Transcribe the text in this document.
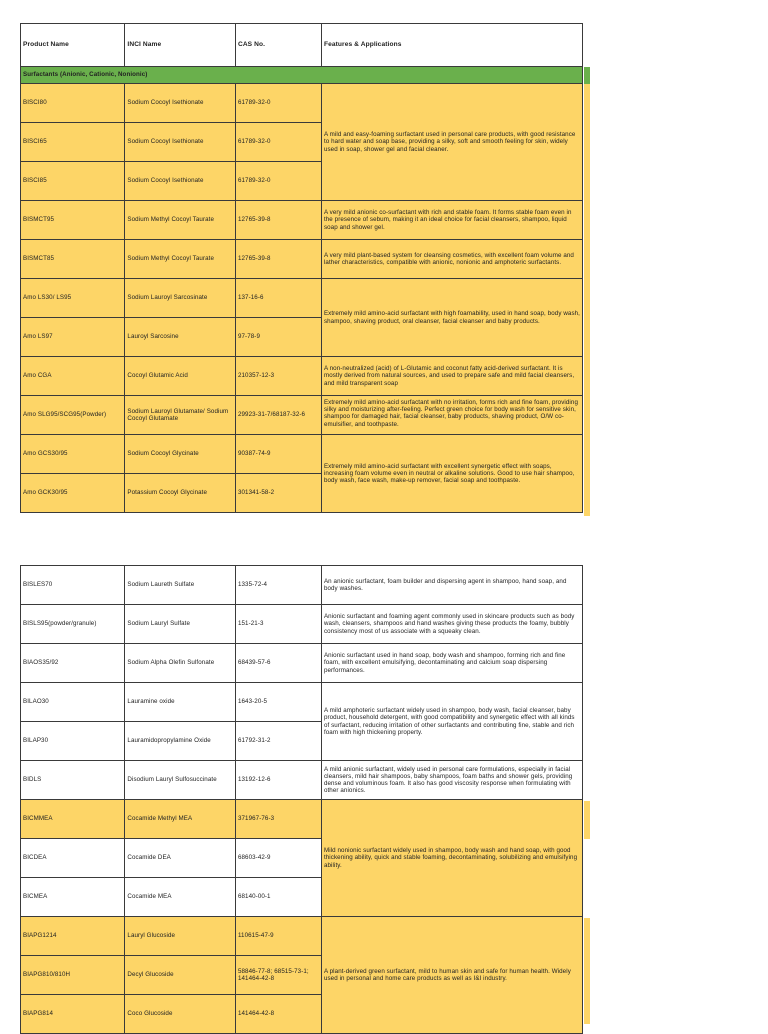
Product Name	INCI Name	CAS No.	Features & Applications
Surfactants (Anionic, Cationic, Nonionic)			
BISCI80	Sodium Cocoyl Isethionate	61789-32-0	A mild and easy-foaming surfactant used in personal care products, with good resistance to hard water and soap base, providing a silky, soft and smooth feeling for skin, widely used in soap, shower gel and facial cleaner.
BISCI65	Sodium Cocoyl Isethionate	61789-32-0	
BISCI85	Sodium Cocoyl Isethionate	61789-32-0	
BISMCT95	Sodium Methyl Cocoyl Taurate	12765-39-8	A very mild anionic co-surfactant with rich and stable foam. It forms stable foam even in the presence of sebum, making it an ideal choice for facial cleansers, shampoo, liquid soap and shower gel.
BISMCT85	Sodium Methyl Cocoyl Taurate	12765-39-8	A very mild plant-based system for cleansing cosmetics, with excellent foam volume and lather characteristics, compatible with anionic, nonionic and amphoteric surfactants.
Amo LS30/ LS95	Sodium Lauroyl Sarcosinate	137-16-6	Extremely mild amino-acid surfactant with high foamability, used in hand soap, body wash, shampoo, shaving product, oral cleanser, facial cleanser and baby products.
Amo LS97	Lauroyl Sarcosine	97-78-9	
Amo CGA	Cocoyl Glutamic Acid	210357-12-3	A non-neutralized (acid) of L-Glutamic and coconut fatty acid-derived surfactant. It is mostly derived from natural sources, and used to prepare safe and mild facial cleansers, and mild transparent soap
Amo SLG95/SCG95(Powder)	Sodium Lauroyl Glutamate/ Sodium Cocoyl Glutamate	29923-31-7/68187-32-6	Extremely mild amino-acid surfactant with no irritation, forms rich and fine foam, providing silky and moisturizing after-feeling. Perfect green choice for body wash for sensitive skin, shampoo for damaged hair, facial cleanser, baby products, shaving product, O/W co-emulsifier, and toothpaste.
Amo GCS30/95	Sodium Cocoyl Glycinate	90387-74-9	Extremely mild amino-acid surfactant with excellent synergetic effect with soaps, increasing foam volume even in neutral or alkaline solutions. Good to use hair shampoo, body wash, face wash, make-up remover, facial soap and toothpaste.
Amo GCK30/95	Potassium Cocoyl Glycinate	301341-58-2	
BISLES70	Sodium Laureth Sulfate	1335-72-4	An anionic surfactant, foam builder and dispersing agent in shampoo, hand soap, and body washes.
BISLS95(powder/granule)	Sodium Lauryl Sulfate	151-21-3	Anionic surfactant and foaming agent commonly used in skincare products such as body wash, cleansers, shampoos and hand washes giving these products the foamy, bubbly consistency most of us associate with a squeaky clean.
BIAOS35/92	Sodium Alpha Olefin Sulfonate	68439-57-6	Anionic surfactant used in hand soap, body wash and shampoo, forming rich and fine foam, with excellent emulsifying, decontaminating and calcium soap dispersing performances.
BILAO30	Lauramine oxide	1643-20-5	A mild amphoteric surfactant widely used in shampoo, body wash, facial cleanser, baby product, household detergent, with good compatibility and synergetic effect with all kinds of surfactant, reducing irritation of other surfactants and contributing fine, stable and rich foam with high thickening property.
BILAP30	Lauramidopropylamine Oxide	61792-31-2	
BIDLS	Disodium Lauryl Sulfosuccinate	13192-12-6	A mild anionic surfactant, widely used in personal care formulations, especially in facial cleansers, mild hair shampoos, baby shampoos, foam baths and shower gels, providing dense and voluminous foam. It also has good viscosity response when formulating with other anionics.
BICMMEA	Cocamide Methyl MEA	371967-76-3	Mild nonionic surfactant widely used in shampoo, body wash and hand soap, with good thickening ability, quick and stable foaming, decontaminating, solubilizing and emulsifying ability.
BICDEA	Cocamide DEA	68603-42-9	
BICMEA	Cocamide MEA	68140-00-1	
BIAPG1214	Lauryl Glucoside	110615-47-9	A plant-derived green surfactant, mild to human skin and safe for human health. Widely used in personal and home care products as well as I&I industry.
BIAPG810/810H	Decyl Glucoside	58846-77-8; 68515-73-1; 141464-42-8	
BIAPG814	Coco Glucoside	141464-42-8	
